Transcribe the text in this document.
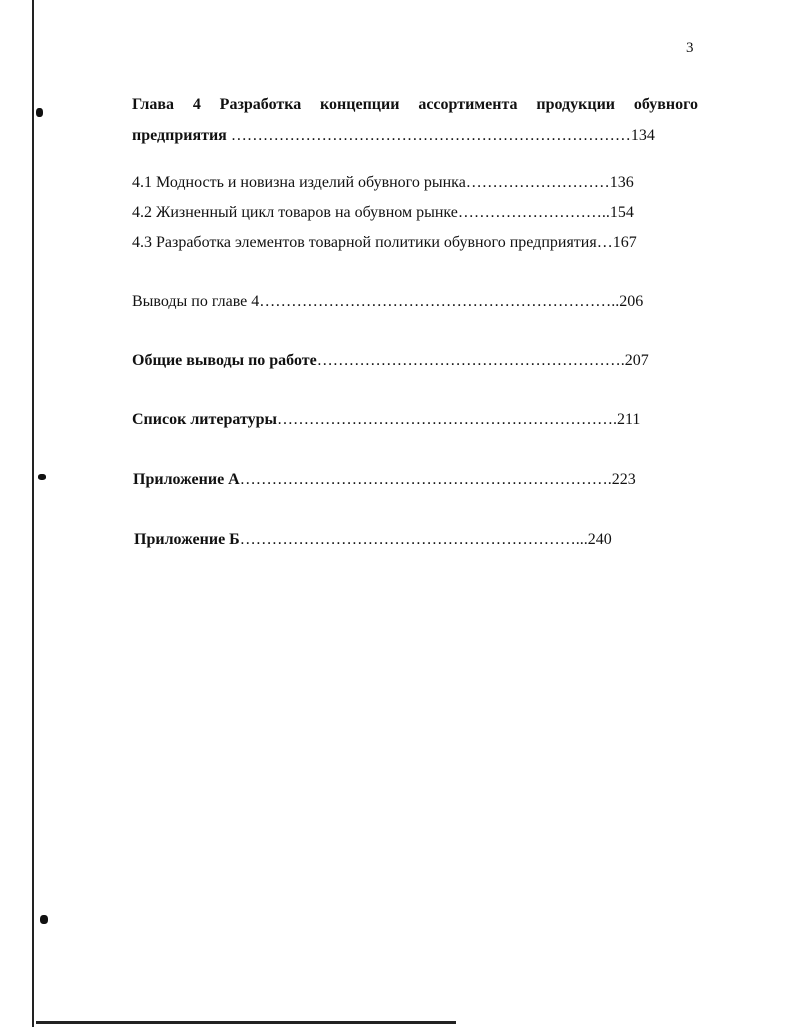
3
Глава 4 Разработка концепции ассортимента продукции обувного
предприятия …………………………………………………………………134
4.1 Модность и новизна изделий обувного рынка………………………136
4.2 Жизненный цикл товаров на обувном рынке………………………..154
4.3 Разработка элементов товарной политики обувного предприятия…167
Выводы по главе 4…………………………………………………………..206
Общие выводы по работе………………………………………………….207
Список литературы……………………………………………………….211
Приложение А…………………………………………………………….223
Приложение Б………………………………………………………...240
